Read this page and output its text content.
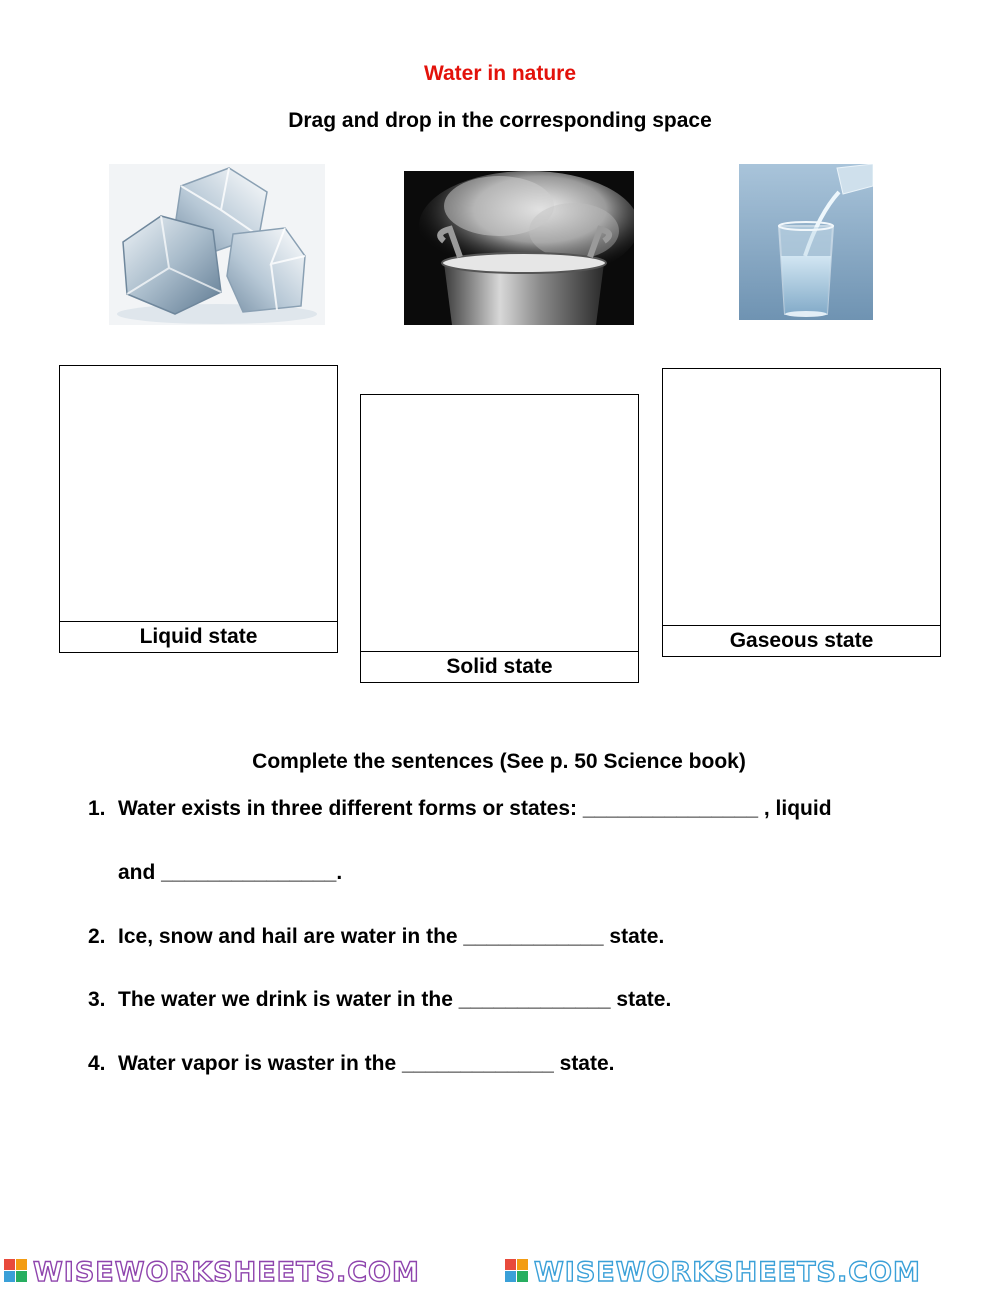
Water in nature
Drag and drop in the corresponding space
Liquid state
Solid state
Gaseous state
Complete the sentences (See p. 50 Science book)
1. Water exists in three different forms or states: _______________ , liquid
and _______________.
2. Ice, snow and hail are water in the ____________ state.
3. The water we drink is water in the _____________ state.
4. Water vapor is waster in the _____________ state.
WISEWORKSHEETS.COM	WISEWORKSHEETS.COM
